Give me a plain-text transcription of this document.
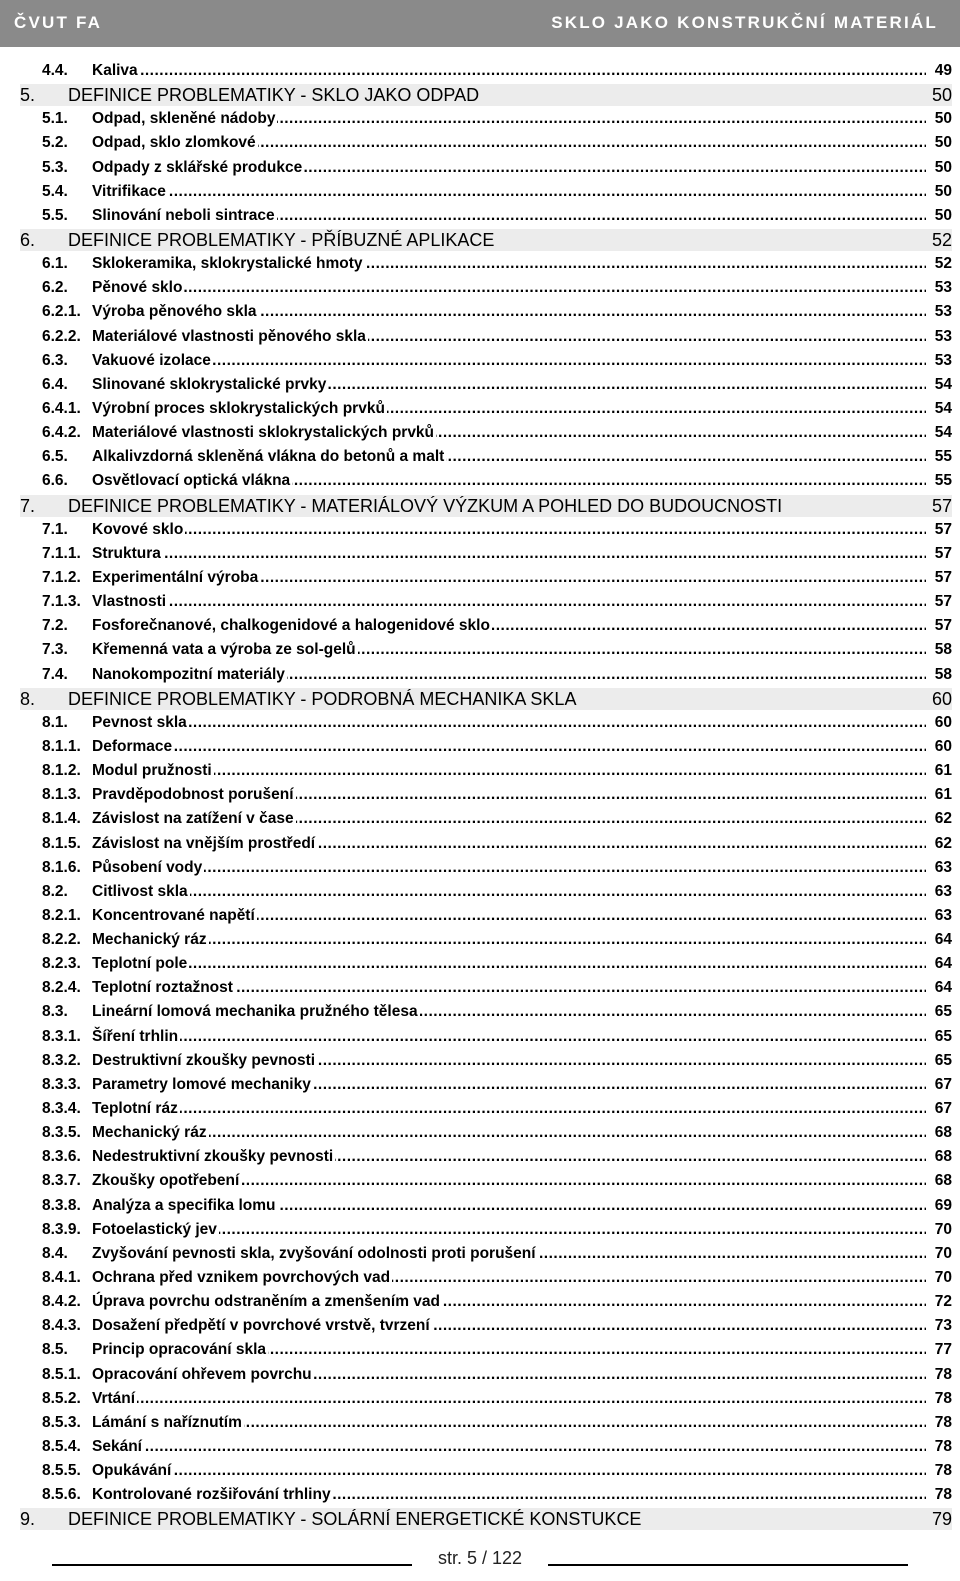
ČVUT FA	SKLO JAKO KONSTRUKČNÍ MATERIÁL
4.4. Kaliva .....	49
5. DEFINICE PROBLEMATIKY - SKLO JAKO ODPAD	50
5.1. Odpad, skleněné nádoby .....	50
5.2. Odpad, sklo zlomkové .....	50
5.3. Odpady z sklářské produkce .....	50
5.4. Vitrifikace .....	50
5.5. Slinování neboli sintrace .....	50
6. DEFINICE PROBLEMATIKY - PŘÍBUZNÉ APLIKACE	52
6.1. Sklokeramika, sklokrystalické hmoty .....	52
6.2. Pěnové sklo .....	53
6.2.1. Výroba pěnového skla .....	53
6.2.2. Materiálové vlastnosti pěnového skla .....	53
6.3. Vakuové izolace .....	53
6.4. Slinované sklokrystalické prvky .....	54
6.4.1. Výrobní proces sklokrystalických prvků .....	54
6.4.2. Materiálové vlastnosti sklokrystalických prvků .....	54
6.5. Alkalivzdorná skleněná vlákna do betonů a malt .....	55
6.6. Osvětlovací optická vlákna .....	55
7. DEFINICE PROBLEMATIKY - MATERIÁLOVÝ VÝZKUM A POHLED DO BUDOUCNOSTI	57
7.1. Kovové sklo .....	57
7.1.1. Struktura .....	57
7.1.2. Experimentální výroba .....	57
7.1.3. Vlastnosti .....	57
7.2. Fosforečnanové, chalkogenidové a halogenidové sklo .....	57
7.3. Křemenná vata a výroba ze sol-gelů .....	58
7.4. Nanokompozitní materiály .....	58
8. DEFINICE PROBLEMATIKY - PODROBNÁ MECHANIKA SKLA	60
8.1. Pevnost skla .....	60
8.1.1. Deformace .....	60
8.1.2. Modul pružnosti .....	61
8.1.3. Pravděpodobnost porušení .....	61
8.1.4. Závislost na zatížení v čase .....	62
8.1.5. Závislost na vnějším prostředí .....	62
8.1.6. Působení vody .....	63
8.2. Citlivost skla .....	63
8.2.1. Koncentrované napětí .....	63
8.2.2. Mechanický ráz .....	64
8.2.3. Teplotní pole .....	64
8.2.4. Teplotní roztažnost .....	64
8.3. Lineární lomová mechanika pružného tělesa .....	65
8.3.1. Šíření trhlin .....	65
8.3.2. Destruktivní zkoušky pevnosti .....	65
8.3.3. Parametry lomové mechaniky .....	67
8.3.4. Teplotní ráz .....	67
8.3.5. Mechanický ráz .....	68
8.3.6. Nedestruktivní zkoušky pevnosti .....	68
8.3.7. Zkoušky opotřebení .....	68
8.3.8. Analýza a specifika lomu .....	69
8.3.9. Fotoelastický jev .....	70
8.4. Zvyšování pevnosti skla, zvyšování odolnosti proti porušení .....	70
8.4.1. Ochrana před vznikem povrchových vad .....	70
8.4.2. Úprava povrchu odstraněním a zmenšením vad .....	72
8.4.3. Dosažení předpětí v povrchové vrstvě, tvrzení .....	73
8.5. Princip opracování skla .....	77
8.5.1. Opracování ohřevem povrchu .....	78
8.5.2. Vrtání .....	78
8.5.3. Lámání s naříznutím .....	78
8.5.4. Sekání .....	78
8.5.5. Opukávání .....	78
8.5.6. Kontrolované rozšiřování trhliny .....	78
9. DEFINICE PROBLEMATIKY - SOLÁRNÍ ENERGETICKÉ KONSTUKCE	79
str. 5 / 122
